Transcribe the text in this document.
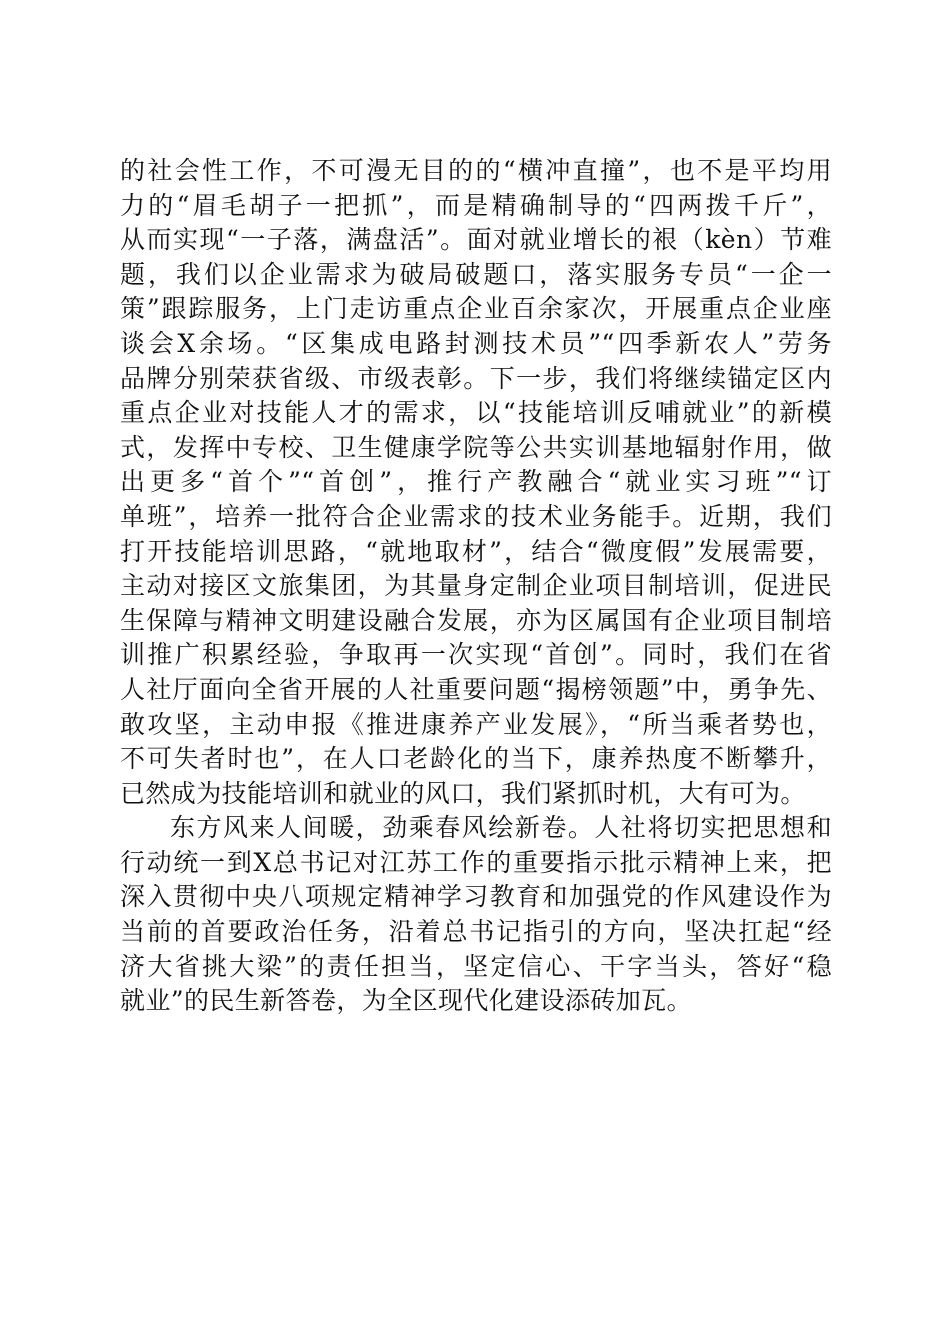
的社会性工作，不可漫无目的的“横冲直撞”，也不是平均用
力的“眉毛胡子一把抓”，而是精确制导的“四两拨千斤”，
从而实现“一子落，满盘活”。面对就业增长的裉（kèn）节难
题，我们以企业需求为破局破题口，落实服务专员“一企一
策”跟踪服务，上门走访重点企业百余家次，开展重点企业座
谈会X余场。“区集成电路封测技术员”“四季新农人”劳务
品牌分别荣获省级、市级表彰。下一步，我们将继续锚定区内
重点企业对技能人才的需求，以“技能培训反哺就业”的新模
式，发挥中专校、卫生健康学院等公共实训基地辐射作用，做
出更多“首个”“首创”，推行产教融合“就业实习班”“订
单班”，培养一批符合企业需求的技术业务能手。近期，我们
打开技能培训思路，“就地取材”，结合“微度假”发展需要，
主动对接区文旅集团，为其量身定制企业项目制培训，促进民
生保障与精神文明建设融合发展，亦为区属国有企业项目制培
训推广积累经验，争取再一次实现“首创”。同时，我们在省
人社厅面向全省开展的人社重要问题“揭榜领题”中，勇争先、
敢攻坚，主动申报《推进康养产业发展》，“所当乘者势也，
不可失者时也”，在人口老龄化的当下，康养热度不断攀升，
已然成为技能培训和就业的风口，我们紧抓时机，大有可为。
东方风来人间暖，劲乘春风绘新卷。人社将切实把思想和
行动统一到X总书记对江苏工作的重要指示批示精神上来，把
深入贯彻中央八项规定精神学习教育和加强党的作风建设作为
当前的首要政治任务，沿着总书记指引的方向，坚决扛起“经
济大省挑大梁”的责任担当，坚定信心、干字当头，答好“稳
就业”的民生新答卷，为全区现代化建设添砖加瓦。
